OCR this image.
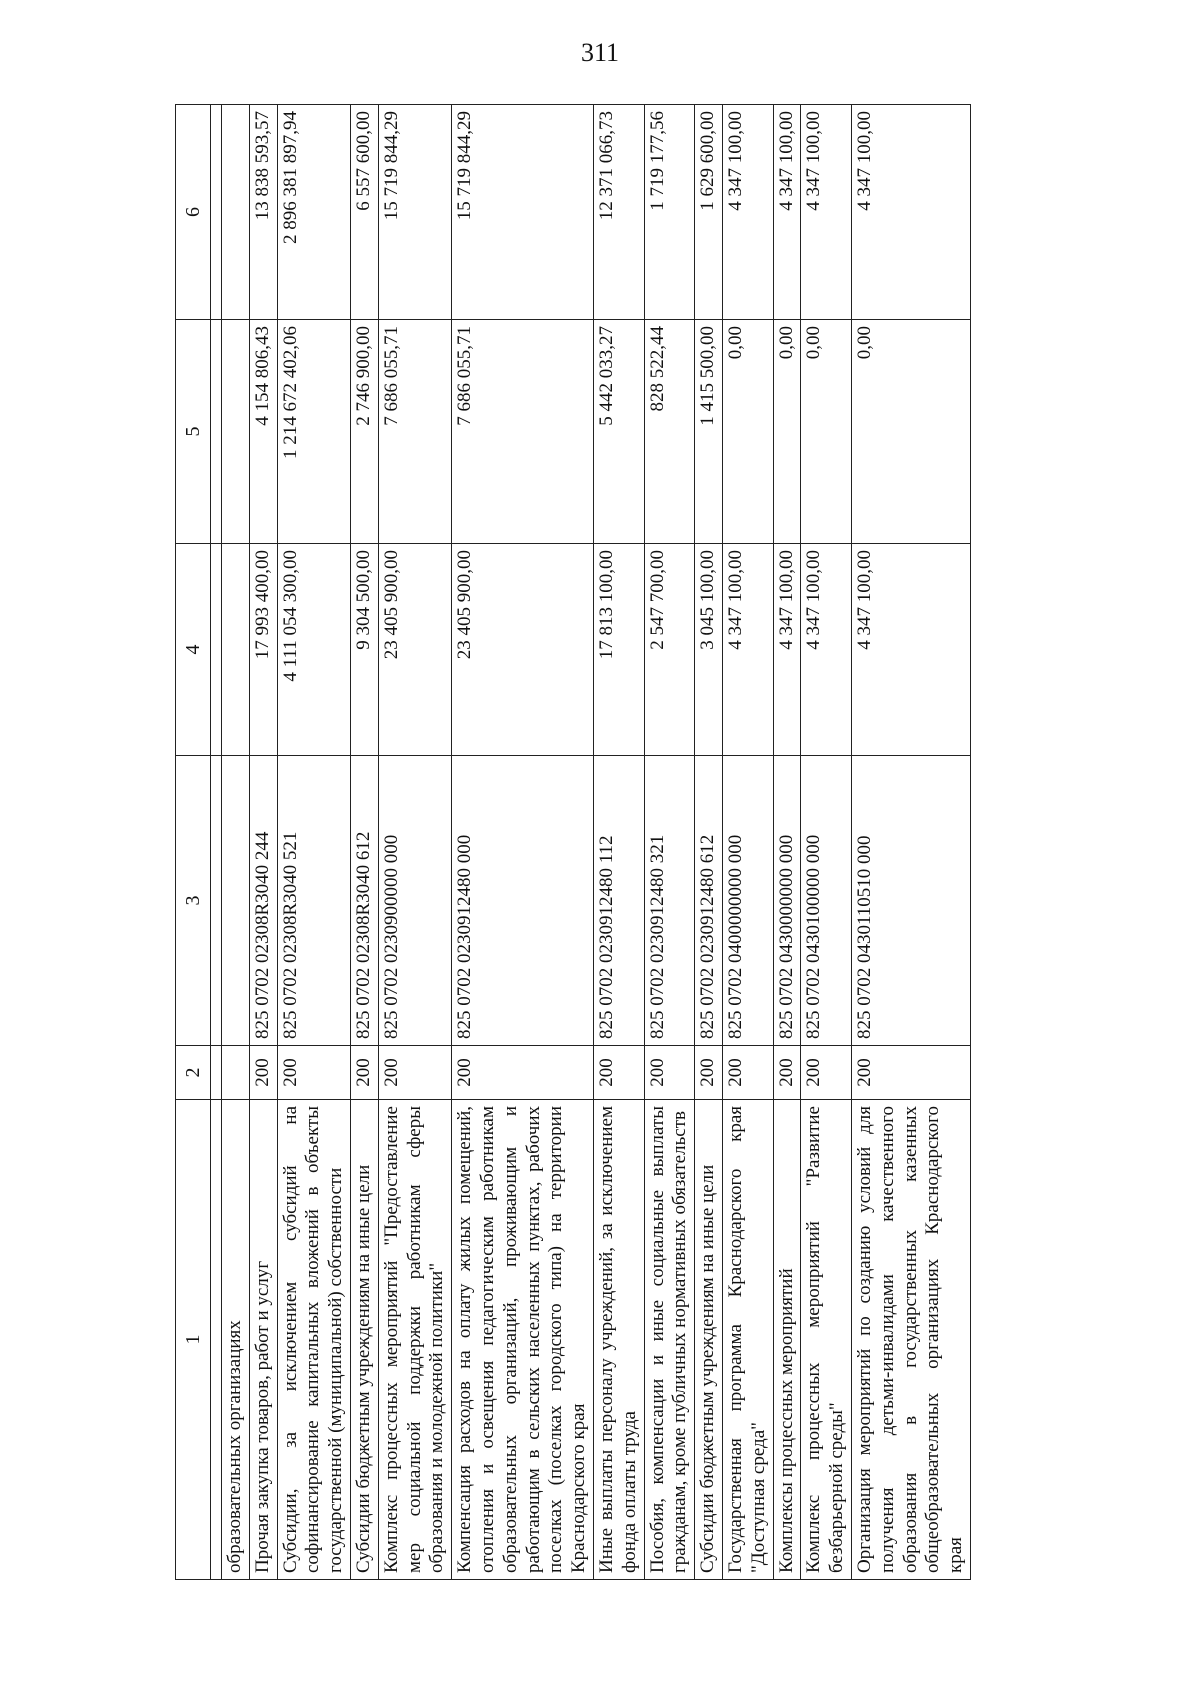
311
1	2	3	4	5	6

образовательных организациях					
Прочая закупка товаров, работ и услуг	200	825 0702 02308R3040 244	17 993 400,00	4 154 806,43	13 838 593,57
Субсидии, за исключением субсидий на софинансирование капитальных вложений в объекты государственной (муниципальной) собственности	200	825 0702 02308R3040 521	4 111 054 300,00	1 214 672 402,06	2 896 381 897,94
Субсидии бюджетным учреждениям на иные цели	200	825 0702 02308R3040 612	9 304 500,00	2 746 900,00	6 557 600,00
Комплекс процессных мероприятий "Предоставление мер социальной поддержки работникам сферы образования и молодежной политики"	200	825 0702 0230900000 000	23 405 900,00	7 686 055,71	15 719 844,29
Компенсация расходов на оплату жилых помещений, отопления и освещения педагогическим работникам образовательных организаций, проживающим и работающим в сельских населенных пунктах, рабочих поселках (поселках городского типа) на территории Краснодарского края	200	825 0702 0230912480 000	23 405 900,00	7 686 055,71	15 719 844,29
Иные выплаты персоналу учреждений, за исключением фонда оплаты труда	200	825 0702 0230912480 112	17 813 100,00	5 442 033,27	12 371 066,73
Пособия, компенсации и иные социальные выплаты гражданам, кроме публичных нормативных обязательств	200	825 0702 0230912480 321	2 547 700,00	828 522,44	1 719 177,56
Субсидии бюджетным учреждениям на иные цели	200	825 0702 0230912480 612	3 045 100,00	1 415 500,00	1 629 600,00
Государственная программа Краснодарского края "Доступная среда"	200	825 0702 0400000000 000	4 347 100,00	0,00	4 347 100,00
Комплексы процессных мероприятий	200	825 0702 0430000000 000	4 347 100,00	0,00	4 347 100,00
Комплекс процессных мероприятий "Развитие безбарьерной среды"	200	825 0702 0430100000 000	4 347 100,00	0,00	4 347 100,00
Организация мероприятий по созданию условий для получения детьми-инвалидами качественного образования в государственных казенных общеобразовательных организациях Краснодарского края	200	825 0702 0430110510 000	4 347 100,00	0,00	4 347 100,00
